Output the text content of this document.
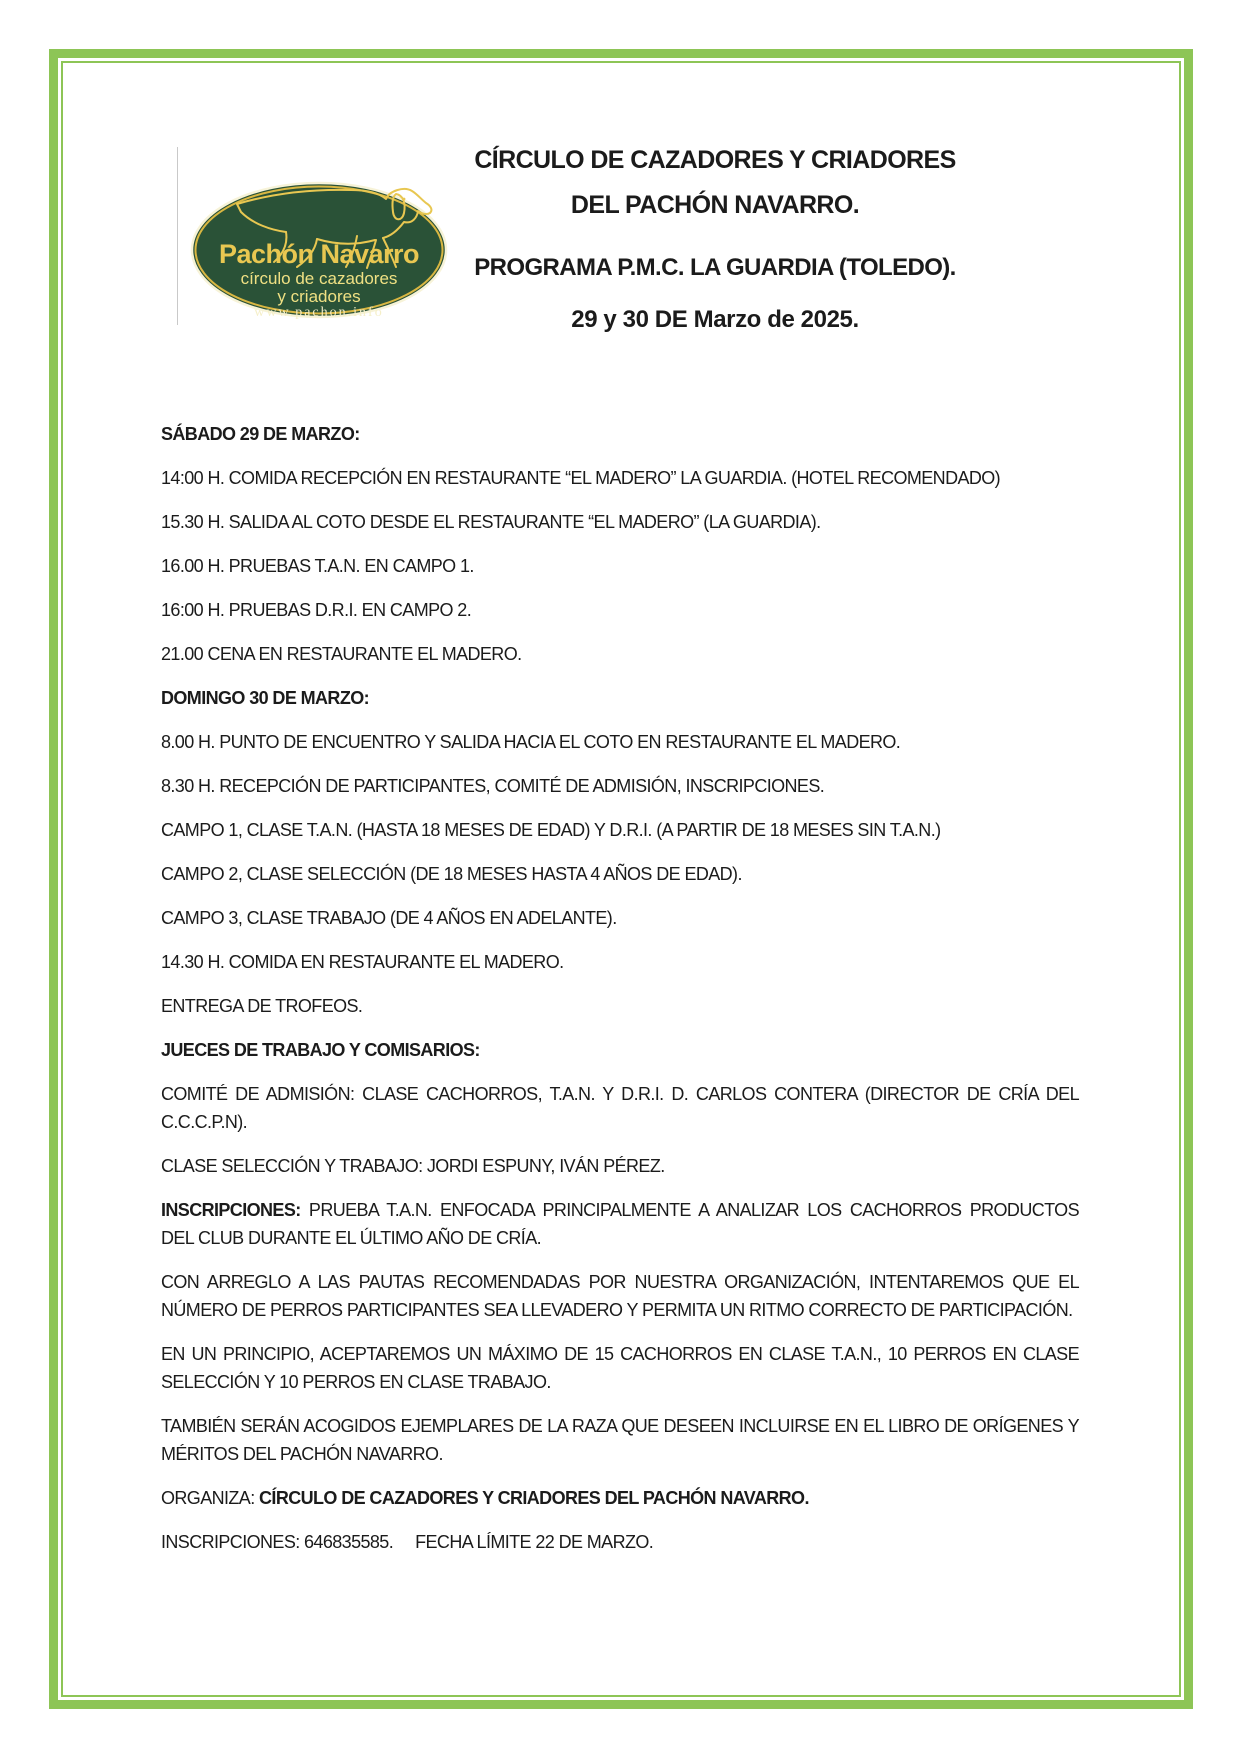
Pachón Navarro
círculo de cazadores
y criadores
www.pachon.info
CÍRCULO DE CAZADORES Y CRIADORES
DEL PACHÓN NAVARRO.
PROGRAMA P.M.C. LA GUARDIA (TOLEDO).
29 y 30 DE Marzo de 2025.

SÁBADO 29 DE MARZO:

14:00 H. COMIDA RECEPCIÓN EN RESTAURANTE “EL MADERO” LA GUARDIA. (HOTEL RECOMENDADO)

15.30 H. SALIDA AL COTO DESDE EL RESTAURANTE “EL MADERO” (LA GUARDIA).

16.00 H. PRUEBAS T.A.N. EN CAMPO 1.

16:00 H. PRUEBAS D.R.I. EN CAMPO 2.

21.00 CENA EN RESTAURANTE EL MADERO.

DOMINGO 30 DE MARZO:

8.00 H. PUNTO DE ENCUENTRO Y SALIDA HACIA EL COTO EN RESTAURANTE EL MADERO.

8.30 H. RECEPCIÓN DE PARTICIPANTES, COMITÉ DE ADMISIÓN, INSCRIPCIONES.

CAMPO 1, CLASE T.A.N. (HASTA 18 MESES DE EDAD) Y D.R.I. (A PARTIR DE 18 MESES SIN T.A.N.)

CAMPO 2, CLASE SELECCIÓN (DE 18 MESES HASTA 4 AÑOS DE EDAD).

CAMPO 3, CLASE TRABAJO (DE 4 AÑOS EN ADELANTE).

14.30 H. COMIDA EN RESTAURANTE EL MADERO.

ENTREGA DE TROFEOS.

JUECES DE TRABAJO Y COMISARIOS:

COMITÉ DE ADMISIÓN: CLASE CACHORROS, T.A.N. Y D.R.I. D. CARLOS CONTERA (DIRECTOR DE CRÍA DEL C.C.C.P.N).

CLASE SELECCIÓN Y TRABAJO: JORDI ESPUNY, IVÁN PÉREZ.

INSCRIPCIONES: PRUEBA T.A.N. ENFOCADA PRINCIPALMENTE A ANALIZAR LOS CACHORROS PRODUCTOS DEL CLUB DURANTE EL ÚLTIMO AÑO DE CRÍA.

CON ARREGLO A LAS PAUTAS RECOMENDADAS POR NUESTRA ORGANIZACIÓN, INTENTAREMOS QUE EL NÚMERO DE PERROS PARTICIPANTES SEA LLEVADERO Y PERMITA UN RITMO CORRECTO DE PARTICIPACIÓN.

EN UN PRINCIPIO, ACEPTAREMOS UN MÁXIMO DE 15 CACHORROS EN CLASE T.A.N., 10 PERROS EN CLASE SELECCIÓN Y 10 PERROS EN CLASE TRABAJO.

TAMBIÉN SERÁN ACOGIDOS EJEMPLARES DE LA RAZA QUE DESEEN INCLUIRSE EN EL LIBRO DE ORÍGENES Y MÉRITOS DEL PACHÓN NAVARRO.

ORGANIZA: CÍRCULO DE CAZADORES Y CRIADORES DEL PACHÓN NAVARRO.

INSCRIPCIONES: 646835585. FECHA LÍMITE 22 DE MARZO.
